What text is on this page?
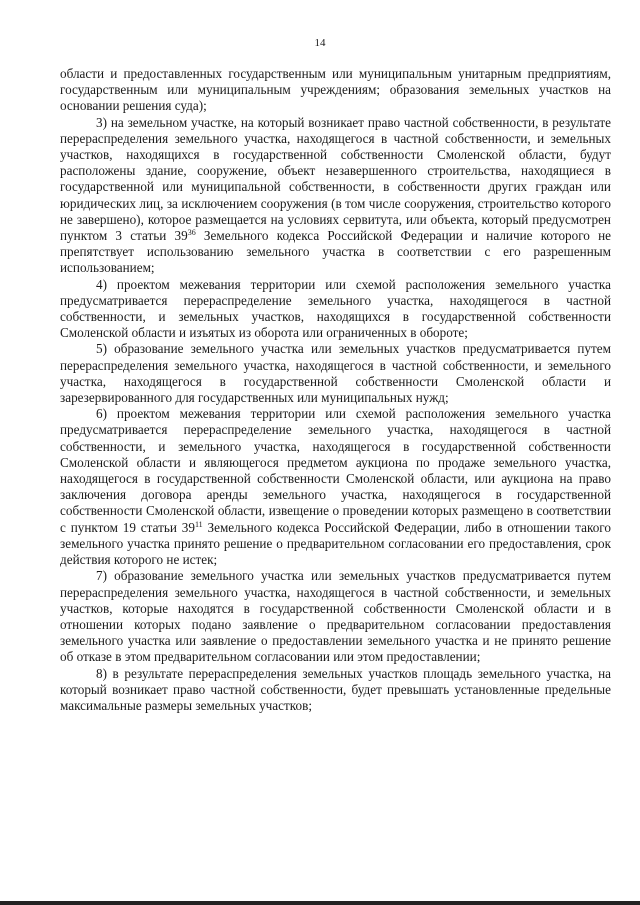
14

области и предоставленных государственным или муниципальным унитарным предприятиям, государственным или муниципальным учреждениям; образования земельных участков на основании решения суда);

3) на земельном участке, на который возникает право частной собственности, в результате перераспределения земельного участка, находящегося в частной собственности, и земельных участков, находящихся в государственной собственности Смоленской области, будут расположены здание, сооружение, объект незавершенного строительства, находящиеся в государственной или муниципальной собственности, в собственности других граждан или юридических лиц, за исключением сооружения (в том числе сооружения, строительство которого не завершено), которое размещается на условиях сервитута, или объекта, который предусмотрен пунктом 3 статьи $39^{36}$ Земельного кодекса Российской Федерации и наличие которого не препятствует использованию земельного участка в соответствии с его разрешенным использованием;

4) проектом межевания территории или схемой расположения земельного участка предусматривается перераспределение земельного участка, находящегося в частной собственности, и земельных участков, находящихся в государственной собственности Смоленской области и изъятых из оборота или ограниченных в обороте;

5) образование земельного участка или земельных участков предусматривается путем перераспределения земельного участка, находящегося в частной собственности, и земельного участка, находящегося в государственной собственности Смоленской области и зарезервированного для государственных или муниципальных нужд;

6) проектом межевания территории или схемой расположения земельного участка предусматривается перераспределение земельного участка, находящегося в частной собственности, и земельного участка, находящегося в государственной собственности Смоленской области и являющегося предметом аукциона по продаже земельного участка, находящегося в государственной собственности Смоленской области, или аукциона на право заключения договора аренды земельного участка, находящегося в государственной собственности Смоленской области, извещение о проведении которых размещено в соответствии с пунктом 19 статьи $39^{11}$ Земельного кодекса Российской Федерации, либо в отношении такого земельного участка принято решение о предварительном согласовании его предоставления, срок действия которого не истек;

7) образование земельного участка или земельных участков предусматривается путем перераспределения земельного участка, находящегося в частной собственности, и земельных участков, которые находятся в государственной собственности Смоленской области и в отношении которых подано заявление о предварительном согласовании предоставления земельного участка или заявление о предоставлении земельного участка и не принято решение об отказе в этом предварительном согласовании или этом предоставлении;

8) в результате перераспределения земельных участков площадь земельного участка, на который возникает право частной собственности, будет превышать установленные предельные максимальные размеры земельных участков;
